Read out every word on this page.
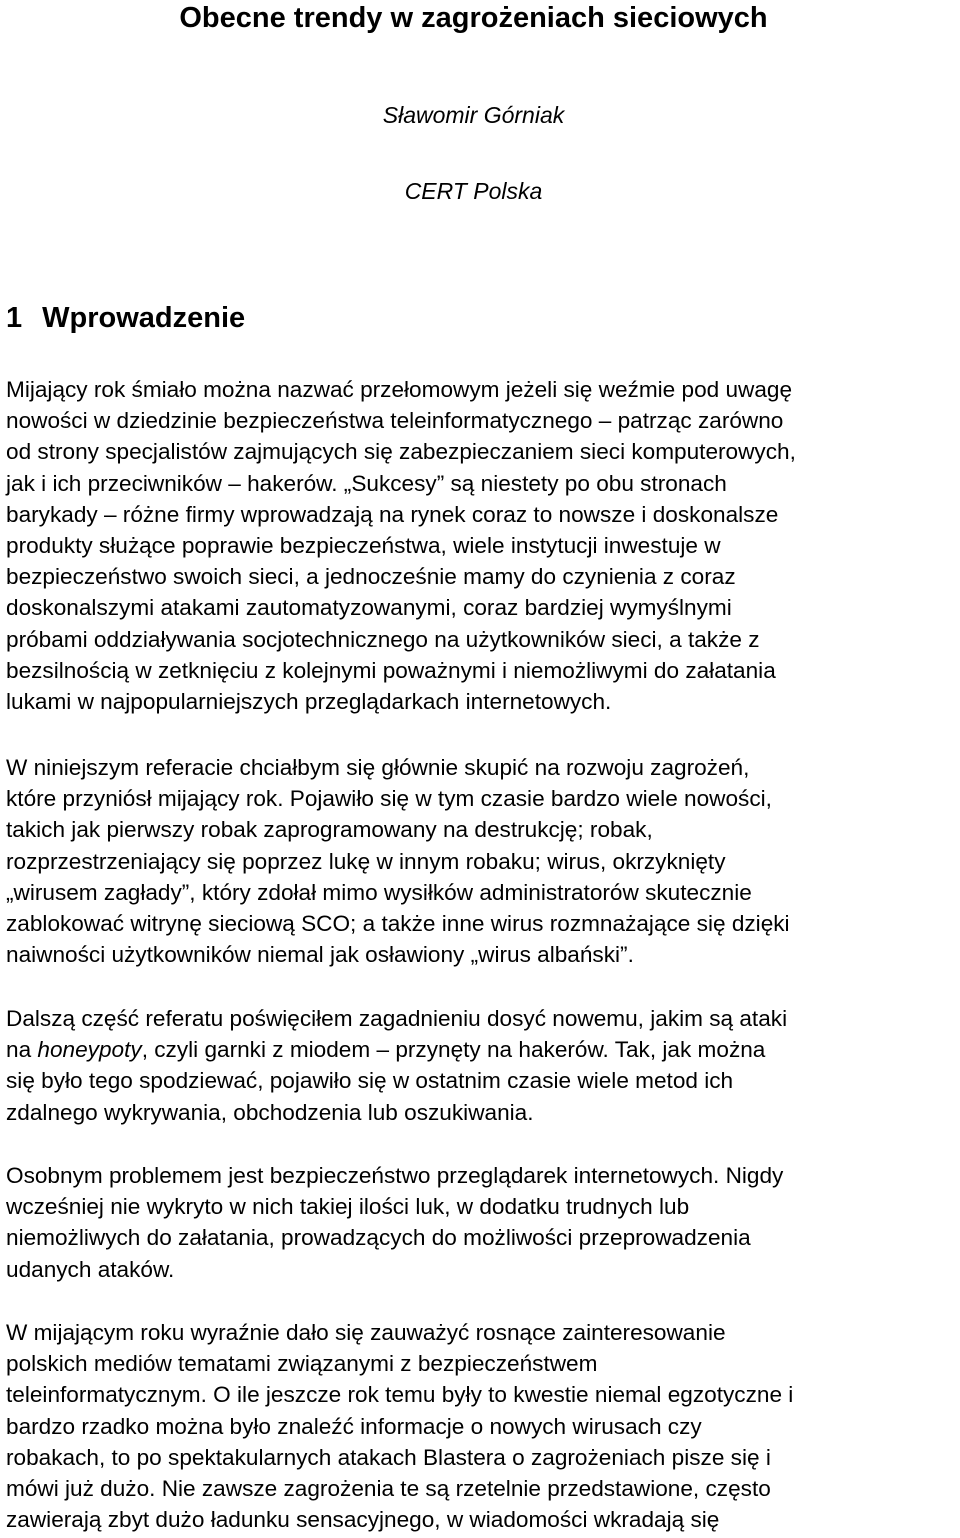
Obecne trendy w zagrożeniach sieciowych

Sławomir Górniak

CERT Polska

1 Wprowadzenie
Mijający rok śmiało można nazwać przełomowym jeżeli się weźmie pod uwagę
nowości w dziedzinie bezpieczeństwa teleinformatycznego – patrząc zarówno
od strony specjalistów zajmujących się zabezpieczaniem sieci komputerowych,
jak i ich przeciwników – hakerów. „Sukcesy” są niestety po obu stronach
barykady – różne firmy wprowadzają na rynek coraz to nowsze i doskonalsze
produkty służące poprawie bezpieczeństwa, wiele instytucji inwestuje w
bezpieczeństwo swoich sieci, a jednocześnie mamy do czynienia z coraz
doskonalszymi atakami zautomatyzowanymi, coraz bardziej wymyślnymi
próbami oddziaływania socjotechnicznego na użytkowników sieci, a także z
bezsilnością w zetknięciu z kolejnymi poważnymi i niemożliwymi do załatania
lukami w najpopularniejszych przeglądarkach internetowych.
W niniejszym referacie chciałbym się głównie skupić na rozwoju zagrożeń,
które przyniósł mijający rok. Pojawiło się w tym czasie bardzo wiele nowości,
takich jak pierwszy robak zaprogramowany na destrukcję; robak,
rozprzestrzeniający się poprzez lukę w innym robaku; wirus, okrzyknięty
„wirusem zagłady”, który zdołał mimo wysiłków administratorów skutecznie
zablokować witrynę sieciową SCO; a także inne wirus rozmnażające się dzięki
naiwności użytkowników niemal jak osławiony „wirus albański”.
Dalszą część referatu poświęciłem zagadnieniu dosyć nowemu, jakim są ataki
na honeypoty, czyli garnki z miodem – przynęty na hakerów. Tak, jak można
się było tego spodziewać, pojawiło się w ostatnim czasie wiele metod ich
zdalnego wykrywania, obchodzenia lub oszukiwania.
Osobnym problemem jest bezpieczeństwo przeglądarek internetowych. Nigdy
wcześniej nie wykryto w nich takiej ilości luk, w dodatku trudnych lub
niemożliwych do załatania, prowadzących do możliwości przeprowadzenia
udanych ataków.
W mijającym roku wyraźnie dało się zauważyć rosnące zainteresowanie
polskich mediów tematami związanymi z bezpieczeństwem
teleinformatycznym. O ile jeszcze rok temu były to kwestie niemal egzotyczne i
bardzo rzadko można było znaleźć informacje o nowych wirusach czy
robakach, to po spektakularnych atakach Blastera o zagrożeniach pisze się i
mówi już dużo. Nie zawsze zagrożenia te są rzetelnie przedstawione, często
zawierają zbyt dużo ładunku sensacyjnego, w wiadomości wkradają się
